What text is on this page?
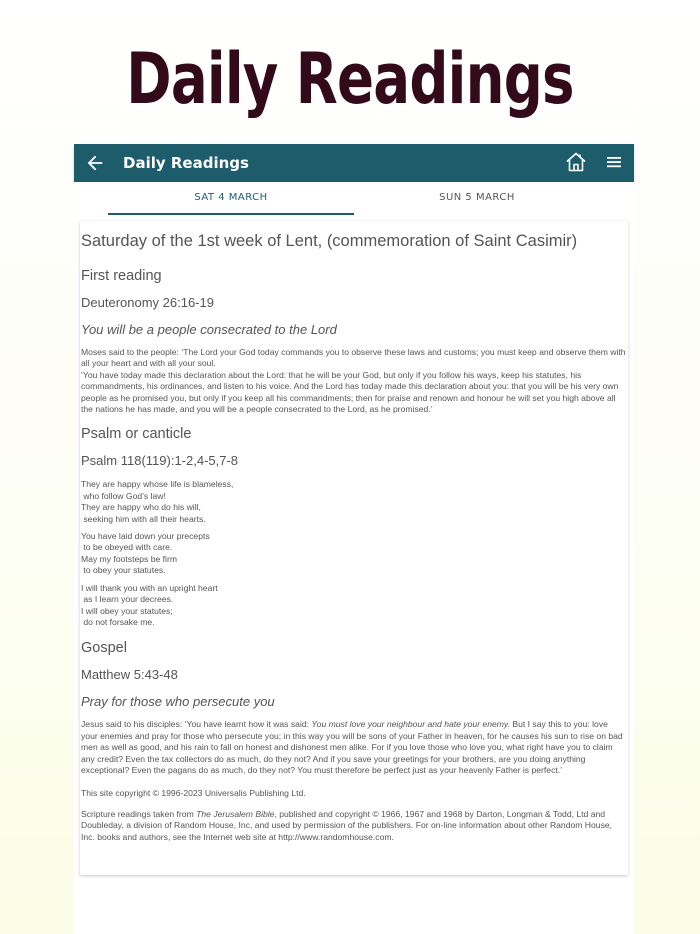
Daily Readings
Daily Readings
SAT 4 MARCH	SUN 5 MARCH
Saturday of the 1st week of Lent, (commemoration of Saint Casimir)
First reading
Deuteronomy 26:16-19
You will be a people consecrated to the Lord
Moses said to the people: ‘The Lord your God today commands you to observe these laws and customs; you must keep and observe them with all your heart and with all your soul.
‘You have today made this declaration about the Lord: that he will be your God, but only if you follow his ways, keep his statutes, his commandments, his ordinances, and listen to his voice. And the Lord has today made this declaration about you: that you will be his very own people as he promised you, but only if you keep all his commandments; then for praise and renown and honour he will set you high above all the nations he has made, and you will be a people consecrated to the Lord, as he promised.’
Psalm or canticle
Psalm 118(119):1-2,4-5,7-8
They are happy whose life is blameless,
who follow God’s law!
They are happy who do his will,
seeking him with all their hearts.
You have laid down your precepts
to be obeyed with care.
May my footsteps be firm
to obey your statutes.
I will thank you with an upright heart
as I learn your decrees.
I will obey your statutes;
do not forsake me.
Gospel
Matthew 5:43-48
Pray for those who persecute you
Jesus said to his disciples: ‘You have learnt how it was said: You must love your neighbour and hate your enemy. But I say this to you: love your enemies and pray for those who persecute you; in this way you will be sons of your Father in heaven, for he causes his sun to rise on bad men as well as good, and his rain to fall on honest and dishonest men alike. For if you love those who love you, what right have you to claim any credit? Even the tax collectors do as much, do they not? And if you save your greetings for your brothers, are you doing anything exceptional? Even the pagans do as much, do they not? You must therefore be perfect just as your heavenly Father is perfect.’
This site copyright © 1996-2023 Universalis Publishing Ltd.
Scripture readings taken from The Jerusalem Bible, published and copyright © 1966, 1967 and 1968 by Darton, Longman & Todd, Ltd and Doubleday, a division of Random House, Inc, and used by permission of the publishers. For on-line information about other Random House, Inc. books and authors, see the Internet web site at http://www.randomhouse.com.
